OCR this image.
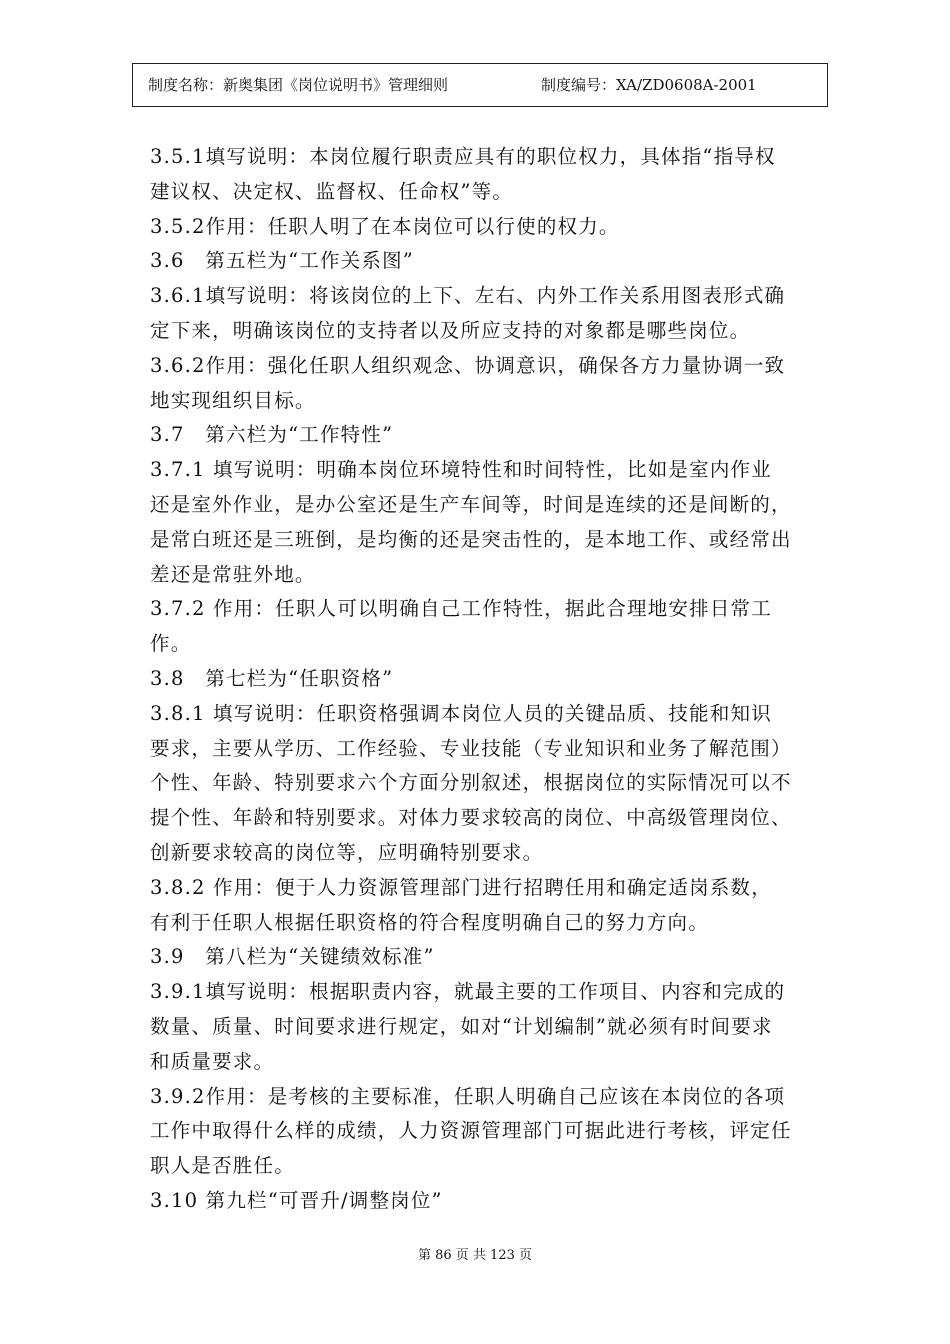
制度名称：新奥集团《岗位说明书》管理细则	制度编号：XA/ZD0608A-2001
3.5.1填写说明：本岗位履行职责应具有的职位权力，具体指“指导权
建议权、决定权、监督权、任命权”等。
3.5.2作用：任职人明了在本岗位可以行使的权力。
3.6　第五栏为“工作关系图”
3.6.1填写说明：将该岗位的上下、左右、内外工作关系用图表形式确
定下来，明确该岗位的支持者以及所应支持的对象都是哪些岗位。
3.6.2作用：强化任职人组织观念、协调意识，确保各方力量协调一致
地实现组织目标。
3.7　第六栏为“工作特性”
3.7.1 填写说明：明确本岗位环境特性和时间特性，比如是室内作业
还是室外作业，是办公室还是生产车间等，时间是连续的还是间断的，
是常白班还是三班倒，是均衡的还是突击性的，是本地工作、或经常出
差还是常驻外地。
3.7.2 作用：任职人可以明确自己工作特性，据此合理地安排日常工
作。
3.8　第七栏为“任职资格”
3.8.1 填写说明：任职资格强调本岗位人员的关键品质、技能和知识
要求，主要从学历、工作经验、专业技能（专业知识和业务了解范围）
个性、年龄、特别要求六个方面分别叙述，根据岗位的实际情况可以不
提个性、年龄和特别要求。对体力要求较高的岗位、中高级管理岗位、
创新要求较高的岗位等，应明确特别要求。
3.8.2 作用：便于人力资源管理部门进行招聘任用和确定适岗系数，
有利于任职人根据任职资格的符合程度明确自己的努力方向。
3.9　第八栏为“关键绩效标准”
3.9.1填写说明：根据职责内容，就最主要的工作项目、内容和完成的
数量、质量、时间要求进行规定，如对“计划编制”就必须有时间要求
和质量要求。
3.9.2作用：是考核的主要标准，任职人明确自己应该在本岗位的各项
工作中取得什么样的成绩，人力资源管理部门可据此进行考核，评定任
职人是否胜任。
3.10 第九栏“可晋升/调整岗位”
第 86 页 共 123 页
